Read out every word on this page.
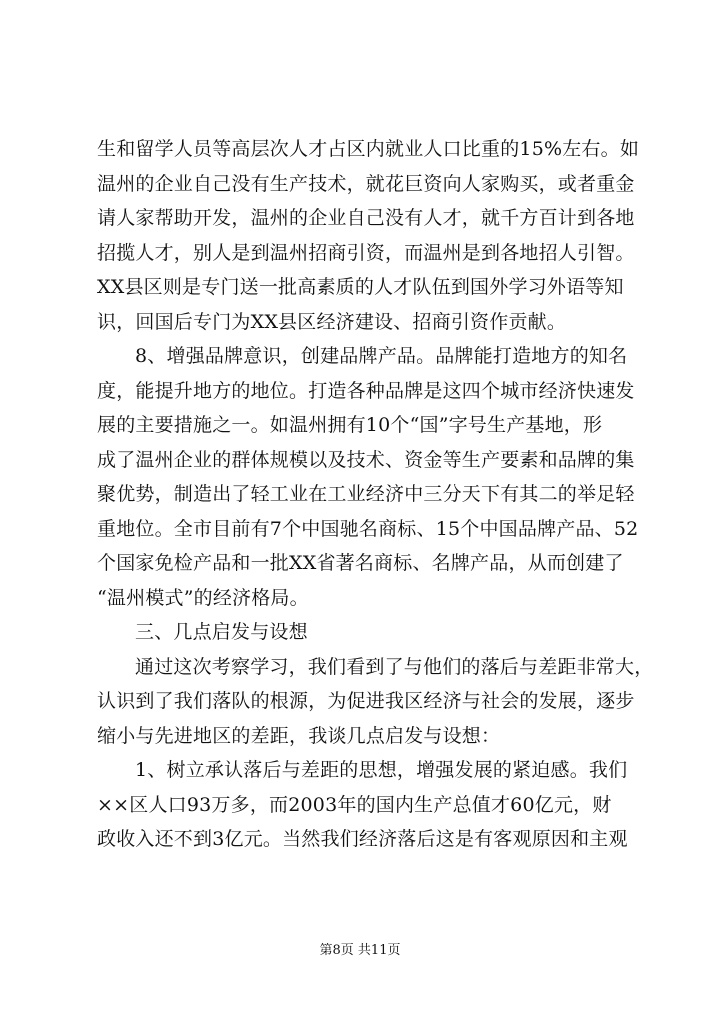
生和留学人员等高层次人才占区内就业人口比重的15%左右。如
温州的企业自己没有生产技术，就花巨资向人家购买，或者重金
请人家帮助开发，温州的企业自己没有人才，就千方百计到各地
招揽人才，别人是到温州招商引资，而温州是到各地招人引智。
XX县区则是专门送一批高素质的人才队伍到国外学习外语等知
识，回国后专门为XX县区经济建设、招商引资作贡献。
8、增强品牌意识，创建品牌产品。品牌能打造地方的知名
度，能提升地方的地位。打造各种品牌是这四个城市经济快速发
展的主要措施之一。如温州拥有10个“国”字号生产基地，形
成了温州企业的群体规模以及技术、资金等生产要素和品牌的集
聚优势，制造出了轻工业在工业经济中三分天下有其二的举足轻
重地位。全市目前有7个中国驰名商标、15个中国品牌产品、52
个国家免检产品和一批XX省著名商标、名牌产品，从而创建了
“温州模式”的经济格局。
三、几点启发与设想
通过这次考察学习，我们看到了与他们的落后与差距非常大，
认识到了我们落队的根源，为促进我区经济与社会的发展，逐步
缩小与先进地区的差距，我谈几点启发与设想：
1、树立承认落后与差距的思想，增强发展的紧迫感。我们
××区人口93万多，而2003年的国内生产总值才60亿元，财
政收入还不到3亿元。当然我们经济落后这是有客观原因和主观
第8页 共11页
